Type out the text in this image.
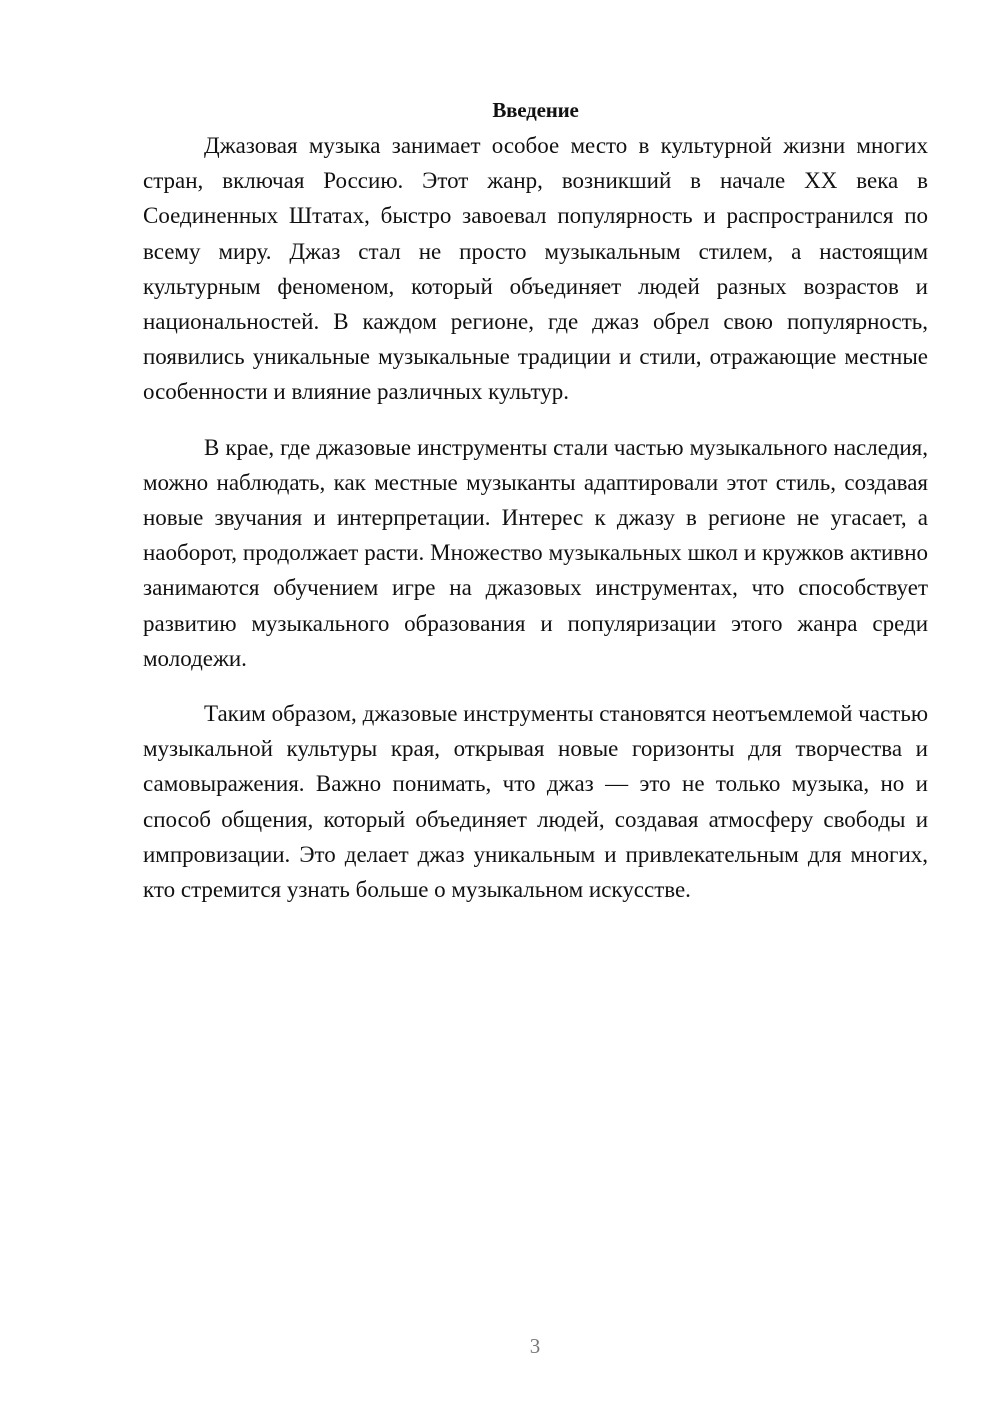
Введение

Джазовая музыка занимает особое место в культурной жизни многих стран, включая Россию. Этот жанр, возникший в начале XX века в Соединенных Штатах, быстро завоевал популярность и распространился по всему миру. Джаз стал не просто музыкальным стилем, а настоящим культурным феноменом, который объединяет людей разных возрастов и национальностей. В каждом регионе, где джаз обрел свою популярность, появились уникальные музыкальные традиции и стили, отражающие местные особенности и влияние различных культур.

В крае, где джазовые инструменты стали частью музыкального наследия, можно наблюдать, как местные музыканты адаптировали этот стиль, создавая новые звучания и интерпретации. Интерес к джазу в регионе не угасает, а наоборот, продолжает расти. Множество музыкальных школ и кружков активно занимаются обучением игре на джазовых инструментах, что способствует развитию музыкального образования и популяризации этого жанра среди молодежи.

Таким образом, джазовые инструменты становятся неотъемлемой частью музыкальной культуры края, открывая новые горизонты для творчества и самовыражения. Важно понимать, что джаз — это не только музыка, но и способ общения, который объединяет людей, создавая атмосферу свободы и импровизации. Это делает джаз уникальным и привлекательным для многих, кто стремится узнать больше о музыкальном искусстве.

3
